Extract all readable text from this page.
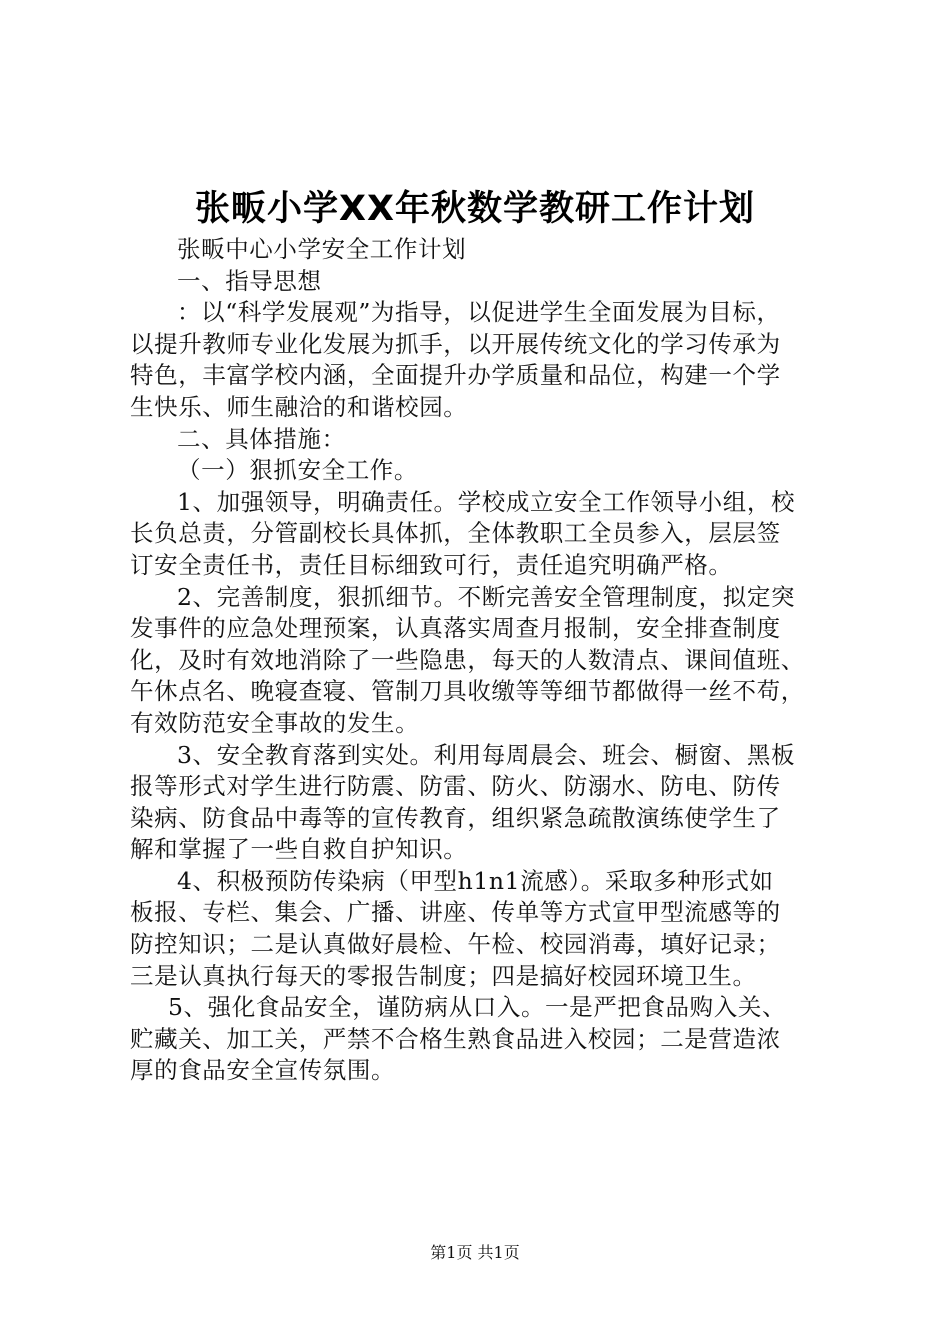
张畈小学XX年秋数学教研工作计划
张畈中心小学安全工作计划
一、指导思想
：以“科学发展观”为指导，以促进学生全面发展为目标，
以提升教师专业化发展为抓手，以开展传统文化的学习传承为
特色，丰富学校内涵，全面提升办学质量和品位，构建一个学
生快乐、师生融洽的和谐校园。
二、具体措施：
（一）狠抓安全工作。
1、加强领导，明确责任。学校成立安全工作领导小组，校
长负总责，分管副校长具体抓，全体教职工全员参入，层层签
订安全责任书，责任目标细致可行，责任追究明确严格。
2、完善制度，狠抓细节。不断完善安全管理制度，拟定突
发事件的应急处理预案，认真落实周查月报制，安全排查制度
化，及时有效地消除了一些隐患，每天的人数清点、课间值班、
午休点名、晚寝查寝、管制刀具收缴等等细节都做得一丝不苟，
有效防范安全事故的发生。
3、安全教育落到实处。利用每周晨会、班会、橱窗、黑板
报等形式对学生进行防震、防雷、防火、防溺水、防电、防传
染病、防食品中毒等的宣传教育，组织紧急疏散演练使学生了
解和掌握了一些自救自护知识。
4、积极预防传染病（甲型h1n1流感）。采取多种形式如
板报、专栏、集会、广播、讲座、传单等方式宣甲型流感等的
防控知识；二是认真做好晨检、午检、校园消毒，填好记录；
三是认真执行每天的零报告制度；四是搞好校园环境卫生。
5、强化食品安全，谨防病从口入。一是严把食品购入关、
贮藏关、加工关，严禁不合格生熟食品进入校园；二是营造浓
厚的食品安全宣传氛围。
第1页 共1页
